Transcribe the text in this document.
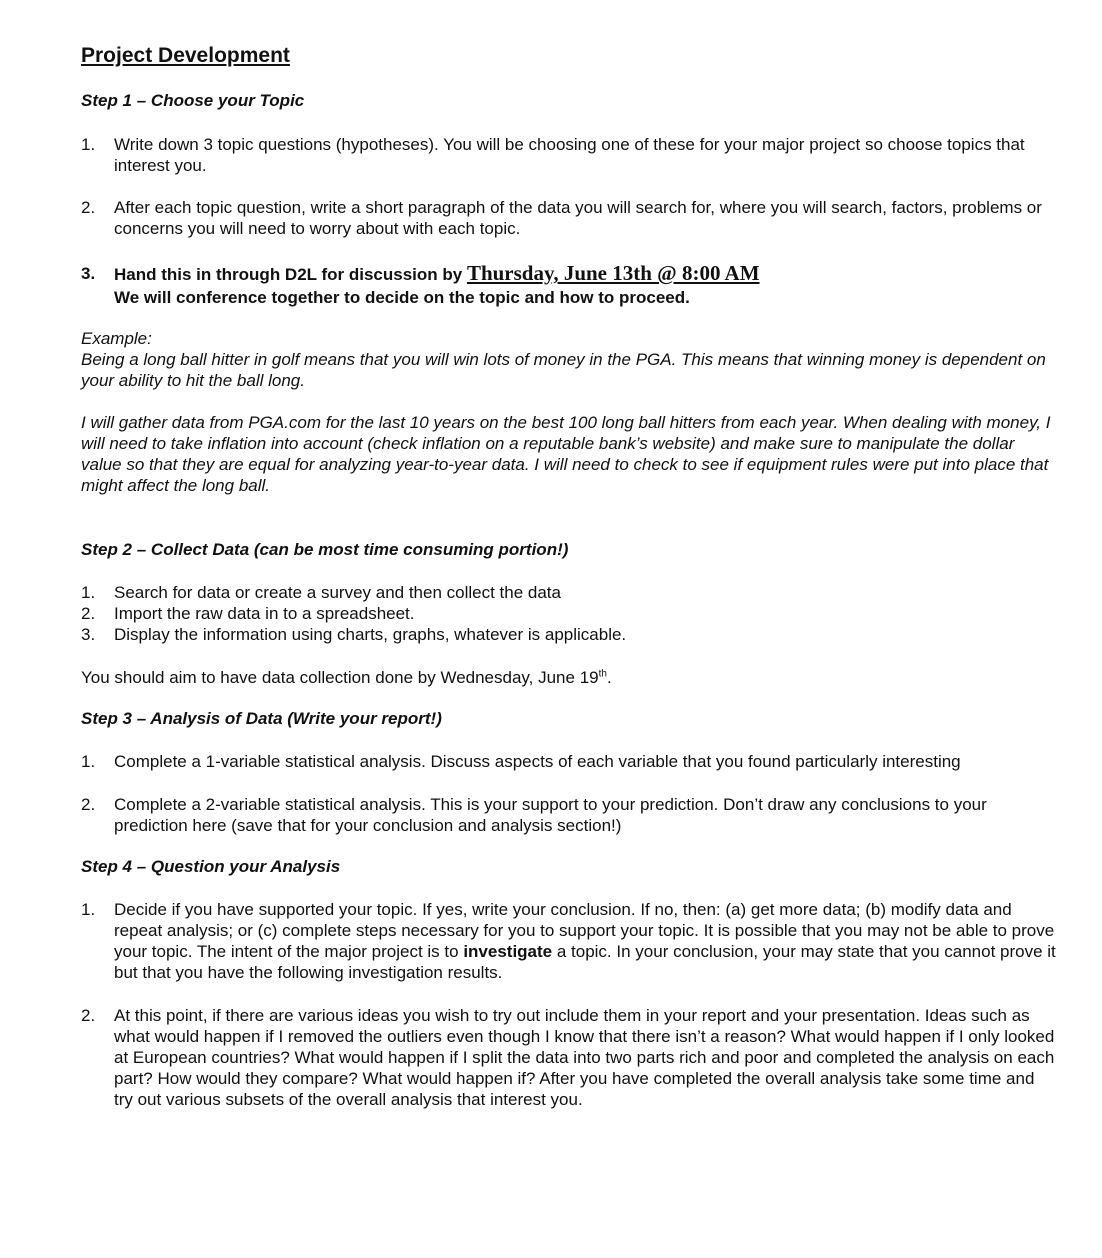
Project Development
Step 1 – Choose your Topic
1. Write down 3 topic questions (hypotheses). You will be choosing one of these for your major project so choose topics that interest you.
2. After each topic question, write a short paragraph of the data you will search for, where you will search, factors, problems or concerns you will need to worry about with each topic.
3. Hand this in through D2L for discussion by Thursday, June 13th @ 8:00 AM
We will conference together to decide on the topic and how to proceed.
Example:
Being a long ball hitter in golf means that you will win lots of money in the PGA. This means that winning money is dependent on your ability to hit the ball long.
I will gather data from PGA.com for the last 10 years on the best 100 long ball hitters from each year. When dealing with money, I will need to take inflation into account (check inflation on a reputable bank’s website) and make sure to manipulate the dollar value so that they are equal for analyzing year-to-year data. I will need to check to see if equipment rules were put into place that might affect the long ball.
Step 2 – Collect Data (can be most time consuming portion!)
1. Search for data or create a survey and then collect the data
2. Import the raw data in to a spreadsheet.
3. Display the information using charts, graphs, whatever is applicable.
You should aim to have data collection done by Wednesday, June 19th.
Step 3 – Analysis of Data (Write your report!)
1. Complete a 1-variable statistical analysis. Discuss aspects of each variable that you found particularly interesting
2. Complete a 2-variable statistical analysis. This is your support to your prediction. Don’t draw any conclusions to your prediction here (save that for your conclusion and analysis section!)
Step 4 – Question your Analysis
1. Decide if you have supported your topic. If yes, write your conclusion. If no, then: (a) get more data; (b) modify data and repeat analysis; or (c) complete steps necessary for you to support your topic. It is possible that you may not be able to prove your topic. The intent of the major project is to investigate a topic. In your conclusion, your may state that you cannot prove it but that you have the following investigation results.
2. At this point, if there are various ideas you wish to try out include them in your report and your presentation. Ideas such as what would happen if I removed the outliers even though I know that there isn’t a reason? What would happen if I only looked at European countries? What would happen if I split the data into two parts rich and poor and completed the analysis on each part? How would they compare? What would happen if? After you have completed the overall analysis take some time and try out various subsets of the overall analysis that interest you.
